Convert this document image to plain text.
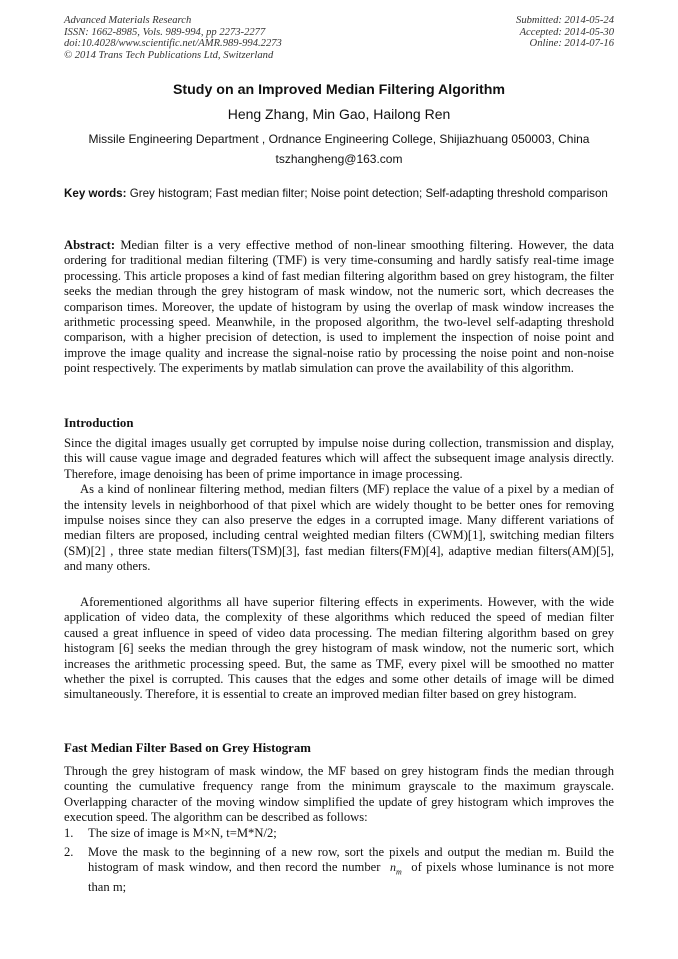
Advanced Materials Research
ISSN: 1662-8985, Vols. 989-994, pp 2273-2277
doi:10.4028/www.scientific.net/AMR.989-994.2273
© 2014 Trans Tech Publications Ltd, Switzerland
Submitted: 2014-05-24
Accepted: 2014-05-30
Online: 2014-07-16
Study on an Improved Median Filtering Algorithm
Heng Zhang, Min Gao, Hailong Ren
Missile Engineering Department , Ordnance Engineering College, Shijiazhuang 050003, China
tszhangheng@163.com
Key words: Grey histogram; Fast median filter; Noise point detection; Self-adapting threshold comparison

Abstract: Median filter is a very effective method of non-linear smoothing filtering. However, the data ordering for traditional median filtering (TMF) is very time-consuming and hardly satisfy real-time image processing. This article proposes a kind of fast median filtering algorithm based on grey histogram, the filter seeks the median through the grey histogram of mask window, not the numeric sort, which decreases the comparison times. Moreover, the update of histogram by using the overlap of mask window increases the arithmetic processing speed. Meanwhile, in the proposed algorithm, the two-level self-adapting threshold comparison, with a higher precision of detection, is used to implement the inspection of noise point and improve the image quality and increase the signal-noise ratio by processing the noise point and non-noise point respectively. The experiments by matlab simulation can prove the availability of this algorithm.

Introduction

Since the digital images usually get corrupted by impulse noise during collection, transmission and display, this will cause vague image and degraded features which will affect the subsequent image analysis directly. Therefore, image denoising has been of prime importance in image processing.

As a kind of nonlinear filtering method, median filters (MF) replace the value of a pixel by a median of the intensity levels in neighborhood of that pixel which are widely thought to be better ones for removing impulse noises since they can also preserve the edges in a corrupted image. Many different variations of median filters are proposed, including central weighted median filters (CWM)[1], switching median filters (SM)[2] , three state median filters(TSM)[3], fast median filters(FM)[4], adaptive median filters(AM)[5], and many others.

Aforementioned algorithms all have superior filtering effects in experiments. However, with the wide application of video data, the complexity of these algorithms which reduced the speed of median filter caused a great influence in speed of video data processing. The median filtering algorithm based on grey histogram [6] seeks the median through the grey histogram of mask window, not the numeric sort, which increases the arithmetic processing speed. But, the same as TMF, every pixel will be smoothed no matter whether the pixel is corrupted. This causes that the edges and some other details of image will be dimed simultaneously. Therefore, it is essential to create an improved median filter based on grey histogram.

Fast Median Filter Based on Grey Histogram

Through the grey histogram of mask window, the MF based on grey histogram finds the median through counting the cumulative frequency range from the minimum grayscale to the maximum grayscale. Overlapping character of the moving window simplified the update of grey histogram which improves the execution speed. The algorithm can be described as follows:

1. The size of image is M×N, t=M*N/2;
2. Move the mask to the beginning of a new row, sort the pixels and output the median m. Build the histogram of mask window, and then record the number $n_m$ of pixels whose luminance is not more than m;
